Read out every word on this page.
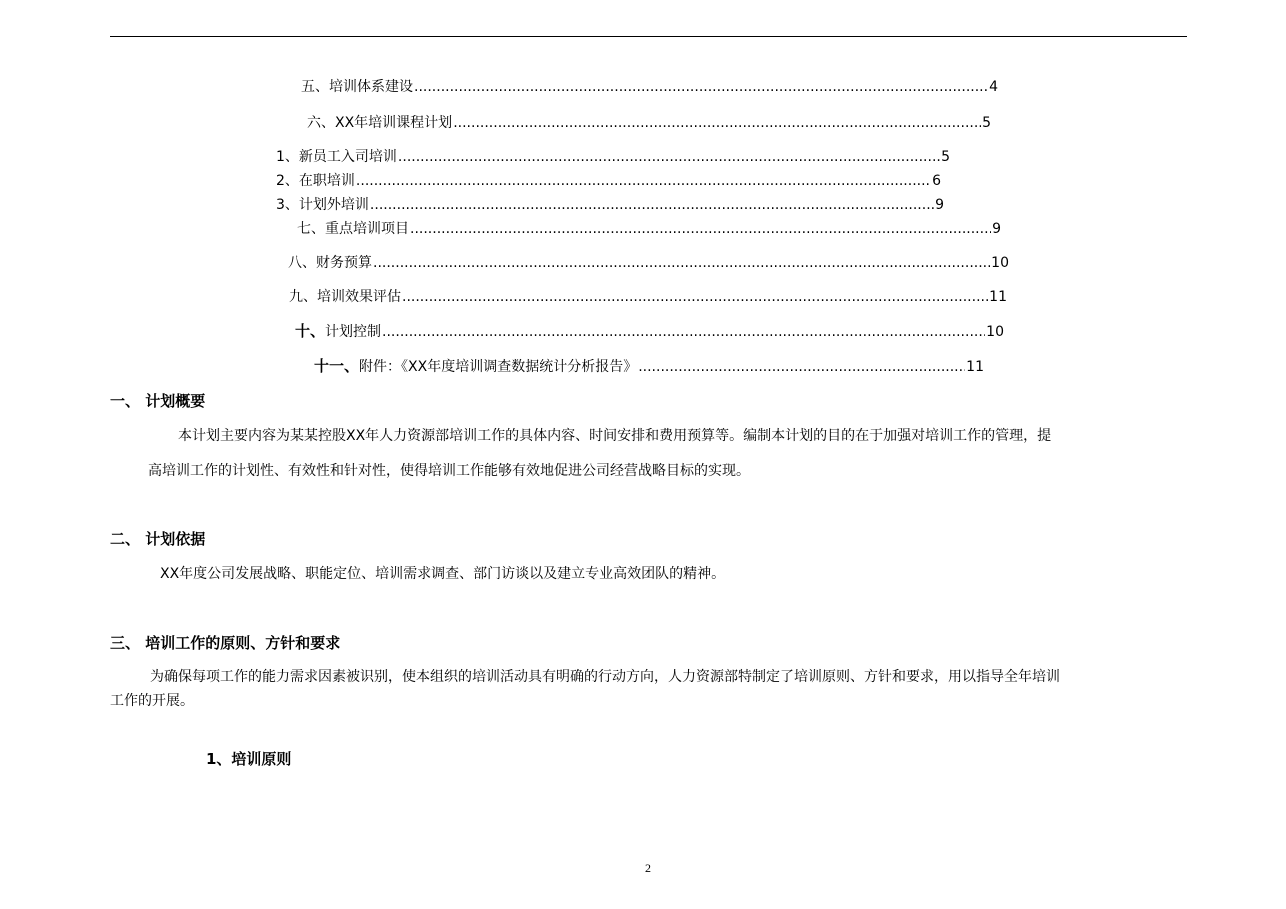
五、 培训体系建设 .....	4
六、 XX年培训课程计划 .....	5
1、 新员工入司培训 .....	5
2、 在职培训 .....	6
3、 计划外培训 .....	9
七、 重点培训项目 .....	9
八、 财务预算 .....	10
九、 培训效果评估 .....	11
十、 计划控制 .....	10
十一、 附件：《XX年度培训调查数据统计分析报告》 .....	11
一、 计划概要
本计划主要内容为某某控股XX年人力资源部培训工作的具体内容、时间安排和费用预算等。编制本计划的目的在于加强对培训工作的管理，提
高培训工作的计划性、有效性和针对性，使得培训工作能够有效地促进公司经营战略目标的实现。
二、 计划依据
XX年度公司发展战略、职能定位、培训需求调查、部门访谈以及建立专业高效团队的精神。
三、 培训工作的原则、方针和要求
为确保每项工作的能力需求因素被识别，使本组织的培训活动具有明确的行动方向，人力资源部特制定了培训原则、方针和要求，用以指导全年培训
工作的开展。
1、培训原则
2
